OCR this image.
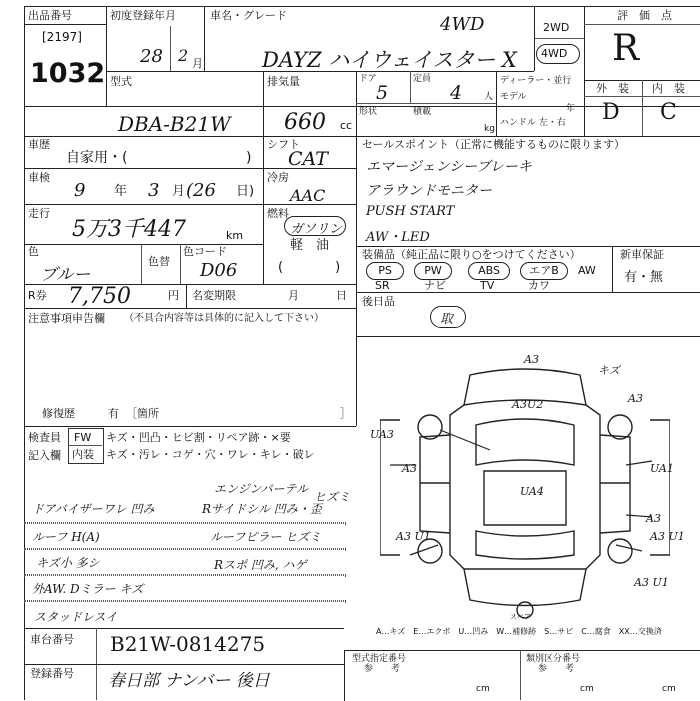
出品番号
[2197]
1032
初度登録年月
28 2 月
車名・グレード	4WD
DAYZ ハイウェイスター X
2WD
4WD
評　価　点
R
外　装 内　装
D C
型式
DBA-B21W
排気量
660 cc
ドア
5
定員
4 人
形状	積載
kg
ディーラー・並行
モデル
年
ハンドル 左・右
車歴
自家用・(	)
シフト
CAT
車検
9 年 3 月 (26 日)
冷房
AAC
走行
5万3千447	km
燃料
ガソリン
軽　油
(　　　　)
色
ブルー
色替
色コード
D06
R券 7,750	円 名変期限	月	日
注意事項申告欄 （不具合内容等は具体的に記入して下さい）
修復歴	有 ［箇所	］
セールスポイント（正常に機能するものに限ります）
エマージェンシーブレーキ
アラウンドモニター
PUSH START
AW・LED
装備品（純正品に限り○をつけてください）	新車保証
有・無
PS	PW	ABS	エアB	AW
SR	ナビ	TV	カワ
後日品
取
検査員
記入欄
FW
内装
キズ・凹凸・ヒビ割・リペア跡・×要
キズ・汚レ・コゲ・穴・ワレ・キレ・破レ
エンジンパーテル
ドアバイザーワレ 凹み	Rサイドシル 凹み・歪
ヒズミ
ルーフ H(A)	ルーフピラー ヒズミ
キズ小 多シ	Rスポ 凹み, ハゲ
外AW. Dミラー キズ
スタッドレスイ
A3
キズ
A3
A3U2
UA3
A3
UA4
UA1
A3
A3 U1	A3 U1
A3 U1
スペア
A…キズ　E…エクボ　U…凹み　W…補修跡　S…サビ　C…腐食　XX…交換済
車台番号 B21W-0814275
登録番号 春日部 ナンバー 後日
型式指定番号
参　　考
類別区分番号
参　　考
cm	cm	cm
